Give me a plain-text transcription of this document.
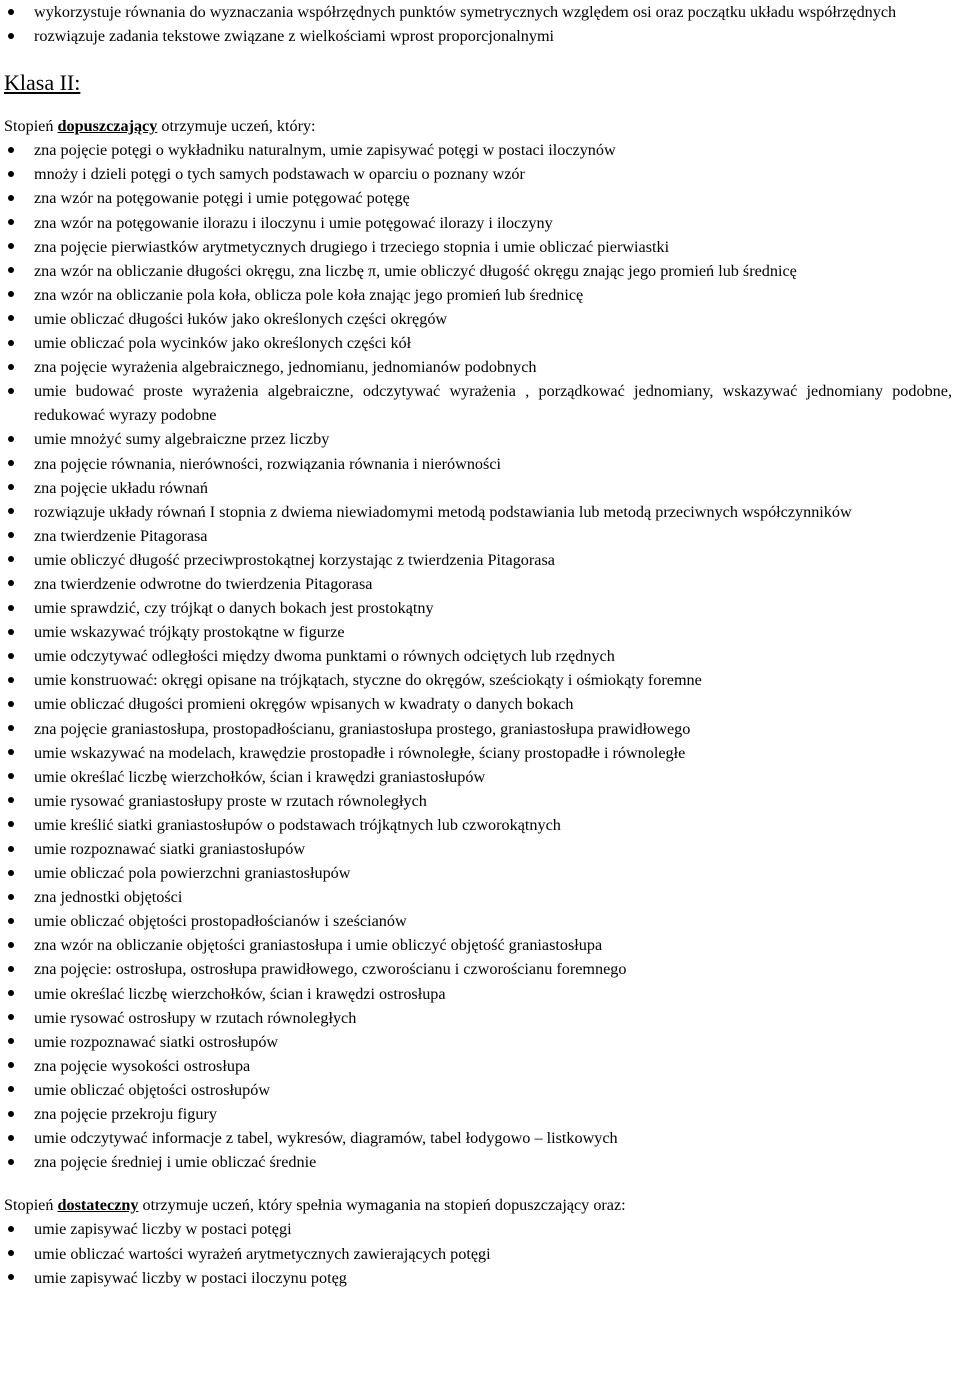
wykorzystuje równania do wyznaczania współrzędnych punktów symetrycznych względem osi oraz początku układu współrzędnych
rozwiązuje zadania tekstowe związane z wielkościami wprost proporcjonalnymi
Klasa II:
Stopień dopuszczający otrzymuje uczeń, który:
zna pojęcie potęgi o wykładniku naturalnym, umie zapisywać potęgi w postaci iloczynów
mnoży i dzieli potęgi o tych samych podstawach w oparciu o poznany wzór
zna wzór na potęgowanie potęgi i umie potęgować potęgę
zna wzór na potęgowanie ilorazu i iloczynu i umie potęgować ilorazy i iloczyny
zna pojęcie pierwiastków arytmetycznych drugiego i trzeciego stopnia i umie obliczać pierwiastki
zna wzór na obliczanie długości okręgu, zna liczbę π, umie obliczyć długość okręgu znając jego promień lub średnicę
zna wzór na obliczanie pola koła, oblicza pole koła znając jego promień lub średnicę
umie obliczać długości łuków jako określonych części okręgów
umie obliczać pola wycinków jako określonych części kół
zna pojęcie wyrażenia algebraicznego, jednomianu, jednomianów podobnych
umie budować proste wyrażenia algebraiczne, odczytywać wyrażenia , porządkować jednomiany, wskazywać jednomiany podobne, redukować wyrazy podobne
umie mnożyć sumy algebraiczne przez liczby
zna pojęcie równania, nierówności, rozwiązania równania i nierówności
zna pojęcie układu równań
rozwiązuje układy równań I stopnia z dwiema niewiadomymi metodą podstawiania lub metodą przeciwnych współczynników
zna twierdzenie Pitagorasa
umie obliczyć długość przeciwprostokątnej korzystając z twierdzenia Pitagorasa
zna twierdzenie odwrotne do twierdzenia Pitagorasa
umie sprawdzić, czy trójkąt o danych bokach jest prostokątny
umie wskazywać trójkąty prostokątne w figurze
umie odczytywać odległości między dwoma punktami o równych odciętych lub rzędnych
umie konstruować: okręgi opisane na trójkątach, styczne do okręgów, sześciokąty i ośmiokąty foremne
umie obliczać długości promieni okręgów wpisanych w kwadraty o danych bokach
zna pojęcie graniastosłupa, prostopadłościanu, graniastosłupa prostego, graniastosłupa prawidłowego
umie wskazywać na modelach, krawędzie prostopadłe i równoległe, ściany prostopadłe i równoległe
umie określać liczbę wierzchołków, ścian i krawędzi graniastosłupów
umie rysować graniastosłupy proste w rzutach równoległych
umie kreślić siatki graniastosłupów o podstawach trójkątnych lub czworokątnych
umie rozpoznawać siatki graniastosłupów
umie obliczać pola powierzchni graniastosłupów
zna jednostki objętości
umie obliczać objętości prostopadłościanów i sześcianów
zna wzór na obliczanie objętości graniastosłupa i umie obliczyć objętość graniastosłupa
zna pojęcie: ostrosłupa, ostrosłupa prawidłowego, czworościanu i czworościanu foremnego
umie określać liczbę wierzchołków, ścian i krawędzi ostrosłupa
umie rysować ostrosłupy w rzutach równoległych
umie rozpoznawać siatki ostrosłupów
zna pojęcie wysokości ostrosłupa
umie obliczać objętości ostrosłupów
zna pojęcie przekroju figury
umie odczytywać informacje z tabel, wykresów, diagramów, tabel łodygowo – listkowych
zna pojęcie średniej i umie obliczać średnie
Stopień dostateczny otrzymuje uczeń, który spełnia wymagania na stopień dopuszczający oraz:
umie zapisywać liczby w postaci potęgi
umie obliczać wartości wyrażeń arytmetycznych zawierających potęgi
umie zapisywać liczby w postaci iloczynu potęg
